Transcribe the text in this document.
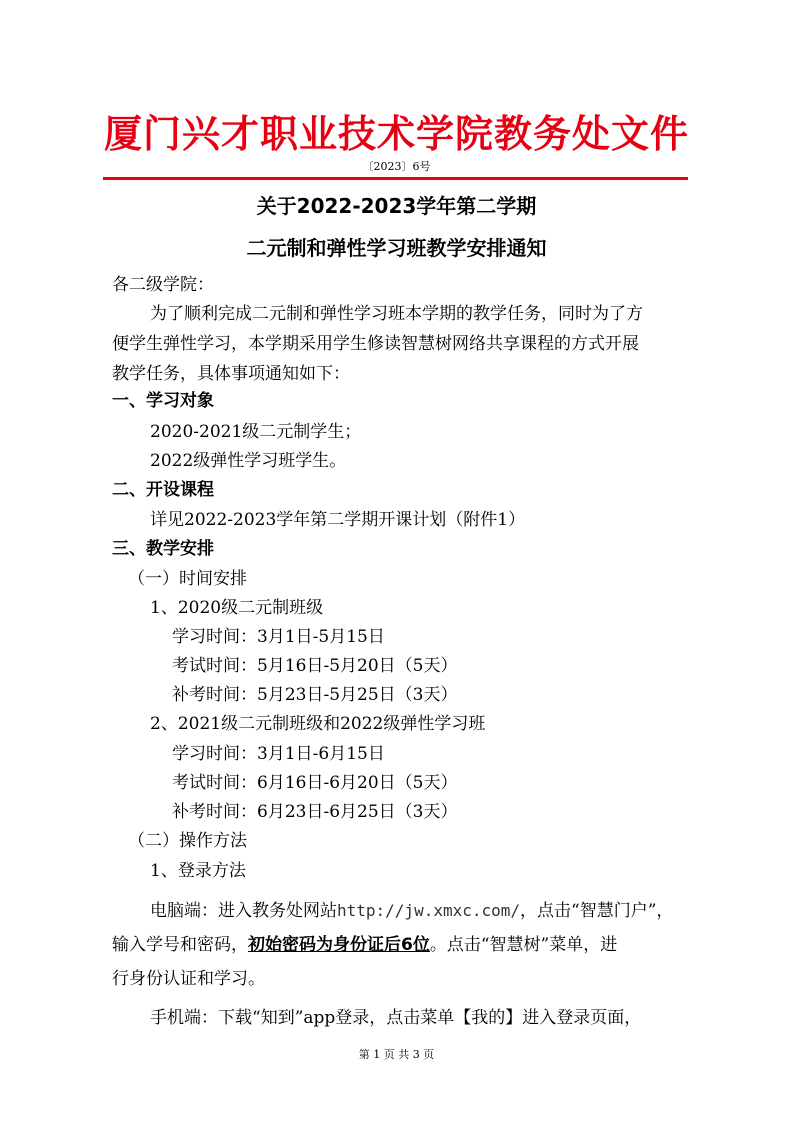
厦门兴才职业技术学院教务处文件
〔2023〕6号
关于2022-2023学年第二学期
二元制和弹性学习班教学安排通知
各二级学院：
为了顺利完成二元制和弹性学习班本学期的教学任务，同时为了方
便学生弹性学习，本学期采用学生修读智慧树网络共享课程的方式开展
教学任务，具体事项通知如下：
一、学习对象
2020-2021级二元制学生；
2022级弹性学习班学生。
二、开设课程
详见2022-2023学年第二学期开课计划（附件1）
三、教学安排
（一）时间安排
1、2020级二元制班级
学习时间：3月1日-5月15日
考试时间：5月16日-5月20日（5天）
补考时间：5月23日-5月25日（3天）
2、2021级二元制班级和2022级弹性学习班
学习时间：3月1日-6月15日
考试时间：6月16日-6月20日（5天）
补考时间：6月23日-6月25日（3天）
（二）操作方法
1、登录方法
电脑端：进入教务处网站http://jw.xmxc.com/，点击“智慧门户”，
输入学号和密码，初始密码为身份证后6位。点击“智慧树”菜单，进
行身份认证和学习。
手机端：下载“知到”app登录，点击菜单【我的】进入登录页面，
第 1 页 共 3 页
